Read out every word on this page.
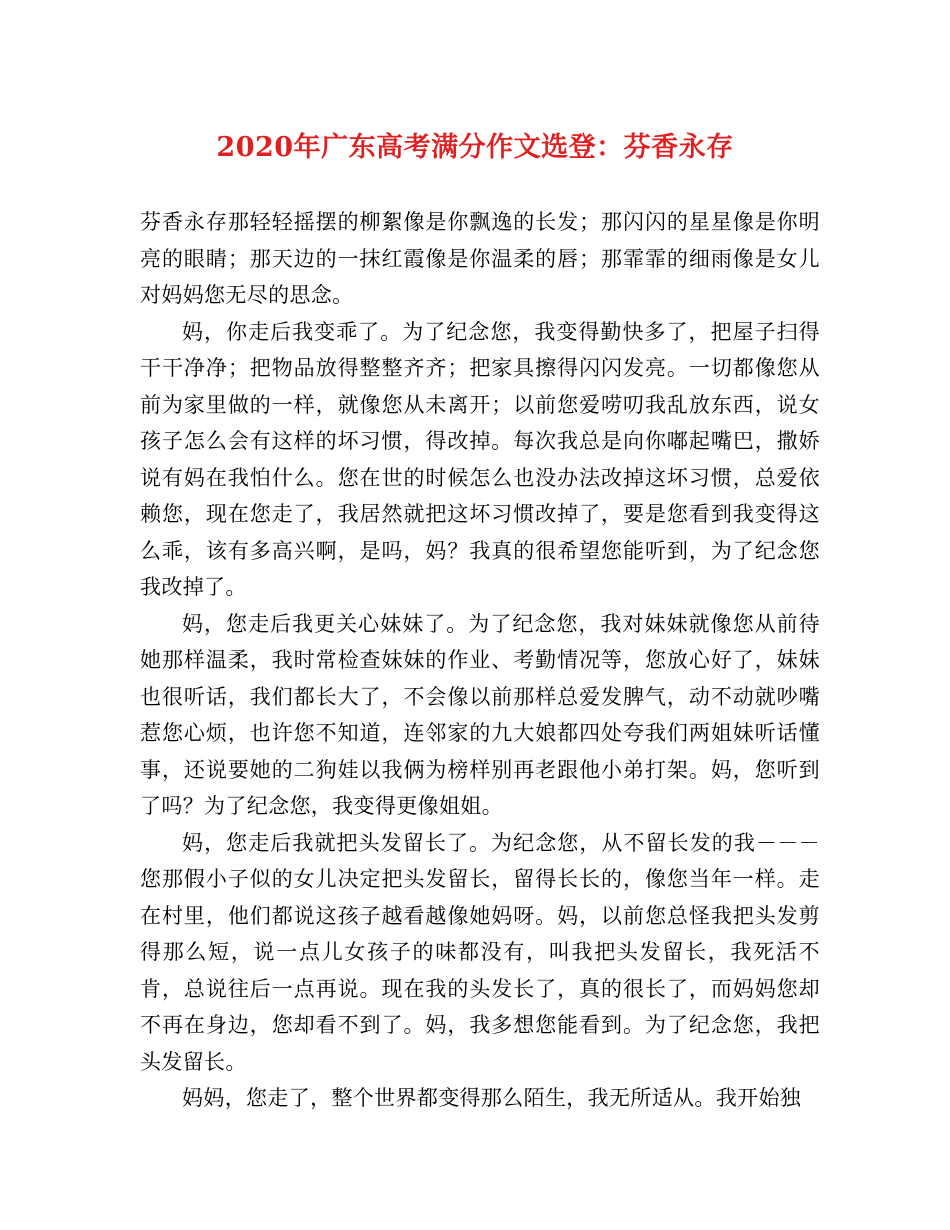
2020年广东高考满分作文选登：芬香永存

芬香永存那轻轻摇摆的柳絮像是你飘逸的长发；那闪闪的星星像是你明亮的眼睛；那天边的一抹红霞像是你温柔的唇；那霏霏的细雨像是女儿对妈妈您无尽的思念。

妈，你走后我变乖了。为了纪念您，我变得勤快多了，把屋子扫得干干净净；把物品放得整整齐齐；把家具擦得闪闪发亮。一切都像您从前为家里做的一样，就像您从未离开；以前您爱唠叨我乱放东西，说女孩子怎么会有这样的坏习惯，得改掉。每次我总是向你嘟起嘴巴，撒娇说有妈在我怕什么。您在世的时候怎么也没办法改掉这坏习惯，总爱依赖您，现在您走了，我居然就把这坏习惯改掉了，要是您看到我变得这么乖，该有多高兴啊，是吗，妈？我真的很希望您能听到，为了纪念您我改掉了。

妈，您走后我更关心妹妹了。为了纪念您，我对妹妹就像您从前待她那样温柔，我时常检查妹妹的作业、考勤情况等，您放心好了，妹妹也很听话，我们都长大了，不会像以前那样总爱发脾气，动不动就吵嘴惹您心烦，也许您不知道，连邻家的九大娘都四处夸我们两姐妹听话懂事，还说要她的二狗娃以我俩为榜样别再老跟他小弟打架。妈，您听到了吗？为了纪念您，我变得更像姐姐。

妈，您走后我就把头发留长了。为纪念您，从不留长发的我－－－您那假小子似的女儿决定把头发留长，留得长长的，像您当年一样。走在村里，他们都说这孩子越看越像她妈呀。妈，以前您总怪我把头发剪得那么短，说一点儿女孩子的味都没有，叫我把头发留长，我死活不肯，总说往后一点再说。现在我的头发长了，真的很长了，而妈妈您却不再在身边，您却看不到了。妈，我多想您能看到。为了纪念您，我把头发留长。

妈妈，您走了，整个世界都变得那么陌生，我无所适从。我开始独
